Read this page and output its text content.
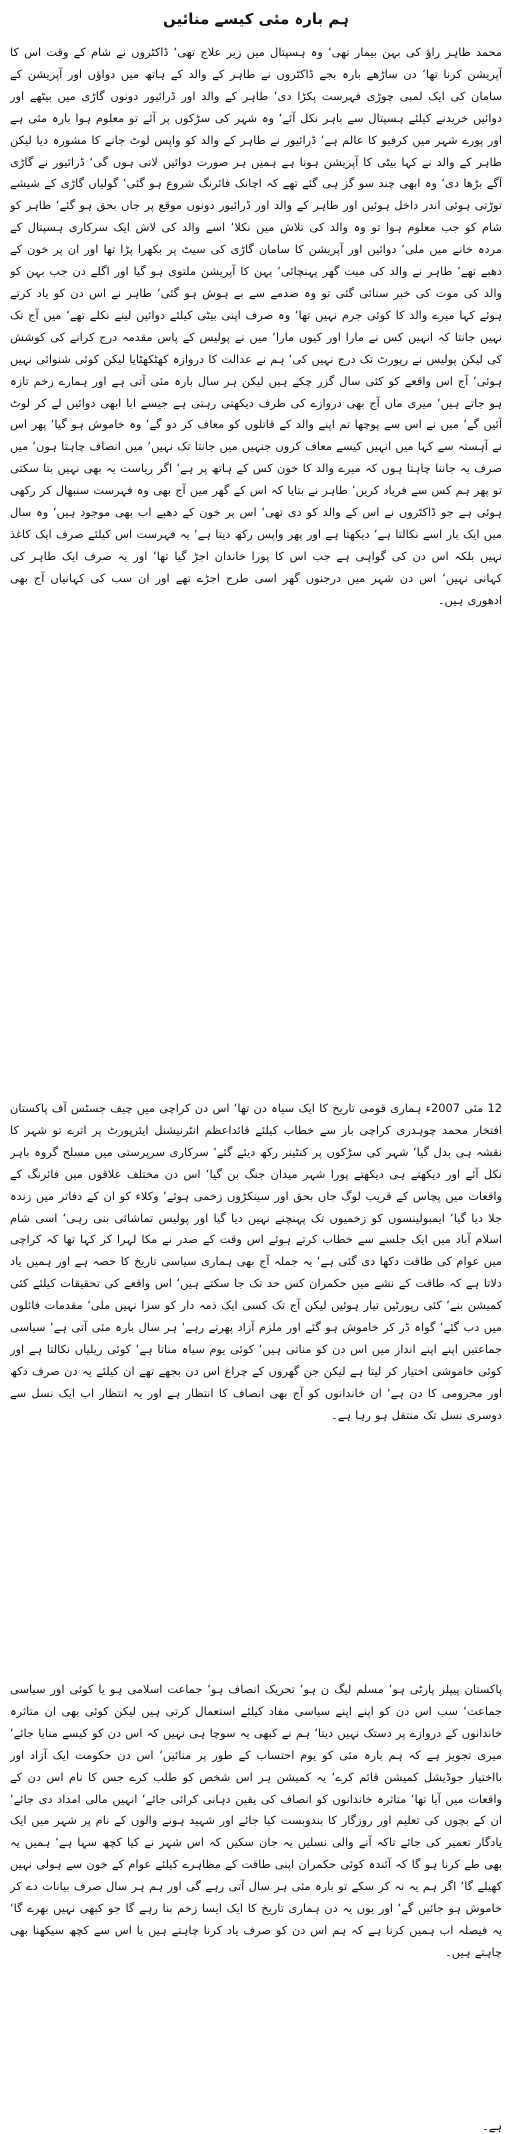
ہم بارہ مئی کیسے منائیں

محمد طاہر راؤ کی بہن بیمار تھی‘ وہ ہسپتال میں زیر علاج تھی‘ ڈاکٹروں نے شام کے وقت اس کا آپریشن کرنا تھا‘ دن ساڑھے بارہ بجے ڈاکٹروں نے طاہر کے والد کے ہاتھ میں دواؤں اور آپریشن کے سامان کی ایک لمبی چوڑی فہرست پکڑا دی‘ طاہر کے والد اور ڈرائیور دونوں گاڑی میں بیٹھے اور دوائیں خریدنے کیلئے ہسپتال سے باہر نکل آئے‘ وہ شہر کی سڑکوں پر آئے تو معلوم ہوا بارہ مئی ہے اور پورے شہر میں کرفیو کا عالم ہے‘ ڈرائیور نے طاہر کے والد کو واپس لوٹ جانے کا مشورہ دیا لیکن طاہر کے والد نے کہا بیٹی کا آپریشن ہونا ہے ہمیں ہر صورت دوائیں لانی ہوں گی‘ ڈرائیور نے گاڑی آگے بڑھا دی‘ وہ ابھی چند سو گز ہی گئے تھے کہ اچانک فائرنگ شروع ہو گئی‘ گولیاں گاڑی کے شیشے توڑتی ہوئی اندر داخل ہوئیں اور طاہر کے والد اور ڈرائیور دونوں موقع پر جاں بحق ہو گئے‘ طاہر کو شام کو جب معلوم ہوا تو وہ والد کی تلاش میں نکلا‘ اسے والد کی لاش ایک سرکاری ہسپتال کے مردہ خانے میں ملی‘ دوائیں اور آپریشن کا سامان گاڑی کی سیٹ پر بکھرا پڑا تھا اور ان پر خون کے دھبے تھے‘ طاہر نے والد کی میت گھر پہنچائی‘ بہن کا آپریشن ملتوی ہو گیا اور اگلے دن جب بہن کو والد کی موت کی خبر سنائی گئی تو وہ صدمے سے بے ہوش ہو گئی‘ طاہر نے اس دن کو یاد کرتے ہوئے کہا میرے والد کا کوئی جرم نہیں تھا‘ وہ صرف اپنی بیٹی کیلئے دوائیں لینے نکلے تھے‘ میں آج تک نہیں جانتا کہ انہیں کس نے مارا اور کیوں مارا‘ میں نے پولیس کے پاس مقدمہ درج کرانے کی کوشش کی لیکن پولیس نے رپورٹ تک درج نہیں کی‘ ہم نے عدالت کا دروازہ کھٹکھٹایا لیکن کوئی شنوائی نہیں ہوئی‘ آج اس واقعے کو کئی سال گزر چکے ہیں لیکن ہر سال بارہ مئی آتی ہے اور ہمارے زخم تازہ ہو جاتے ہیں‘ میری ماں آج بھی دروازے کی طرف دیکھتی رہتی ہے جیسے ابا ابھی دوائیں لے کر لوٹ آئیں گے‘ میں نے اس سے پوچھا تم اپنے والد کے قاتلوں کو معاف کر دو گے‘ وہ خاموش ہو گیا‘ پھر اس نے آہستہ سے کہا میں انہیں کیسے معاف کروں جنہیں میں جانتا تک نہیں‘ میں انصاف چاہتا ہوں‘ میں صرف یہ جاننا چاہتا ہوں کہ میرے والد کا خون کس کے ہاتھ پر ہے‘ اگر ریاست یہ بھی نہیں بتا سکتی تو پھر ہم کس سے فریاد کریں‘ طاہر نے بتایا کہ اس کے گھر میں آج بھی وہ فہرست سنبھال کر رکھی ہوئی ہے جو ڈاکٹروں نے اس کے والد کو دی تھی‘ اس پر خون کے دھبے اب بھی موجود ہیں‘ وہ سال میں ایک بار اسے نکالتا ہے‘ دیکھتا ہے اور پھر واپس رکھ دیتا ہے‘ یہ فہرست اس کیلئے صرف ایک کاغذ نہیں بلکہ اس دن کی گواہی ہے جب اس کا پورا خاندان اجڑ گیا تھا‘ اور یہ صرف ایک طاہر کی کہانی نہیں‘ اس دن شہر میں درجنوں گھر اسی طرح اجڑے تھے اور ان سب کی کہانیاں آج بھی ادھوری ہیں۔

12 مئی 2007ء ہماری قومی تاریخ کا ایک سیاہ دن تھا‘ اس دن کراچی میں چیف جسٹس آف پاکستان افتخار محمد چوہدری کراچی بار سے خطاب کیلئے قائداعظم انٹرنیشنل ایئرپورٹ پر اترے تو شہر کا نقشہ ہی بدل گیا‘ شہر کی سڑکوں پر کنٹینر رکھ دیئے گئے‘ سرکاری سرپرستی میں مسلح گروہ باہر نکل آئے اور دیکھتے ہی دیکھتے پورا شہر میدان جنگ بن گیا‘ اس دن مختلف علاقوں میں فائرنگ کے واقعات میں پچاس کے قریب لوگ جاں بحق اور سینکڑوں زخمی ہوئے‘ وکلاء کو ان کے دفاتر میں زندہ جلا دیا گیا‘ ایمبولینسوں کو زخمیوں تک پہنچنے نہیں دیا گیا اور پولیس تماشائی بنی رہی‘ اسی شام اسلام آباد میں ایک جلسے سے خطاب کرتے ہوئے اس وقت کے صدر نے مکا لہرا کر کہا تھا کہ کراچی میں عوام کی طاقت دکھا دی گئی ہے‘ یہ جملہ آج بھی ہماری سیاسی تاریخ کا حصہ ہے اور ہمیں یاد دلاتا ہے کہ طاقت کے نشے میں حکمران کس حد تک جا سکتے ہیں‘ اس واقعے کی تحقیقات کیلئے کئی کمیشن بنے‘ کئی رپورٹیں تیار ہوئیں لیکن آج تک کسی ایک ذمہ دار کو سزا نہیں ملی‘ مقدمات فائلوں میں دب گئے‘ گواہ ڈر کر خاموش ہو گئے اور ملزم آزاد پھرتے رہے‘ ہر سال بارہ مئی آتی ہے‘ سیاسی جماعتیں اپنے اپنے انداز میں اس دن کو مناتی ہیں‘ کوئی یوم سیاہ مناتا ہے‘ کوئی ریلیاں نکالتا ہے اور کوئی خاموشی اختیار کر لیتا ہے لیکن جن گھروں کے چراغ اس دن بجھے تھے ان کیلئے یہ دن صرف دکھ اور محرومی کا دن ہے‘ ان خاندانوں کو آج بھی انصاف کا انتظار ہے اور یہ انتظار اب ایک نسل سے دوسری نسل تک منتقل ہو رہا ہے۔

پاکستان پیپلز پارٹی ہو‘ مسلم لیگ ن ہو‘ تحریک انصاف ہو‘ جماعت اسلامی ہو یا کوئی اور سیاسی جماعت‘ سب اس دن کو اپنے اپنے سیاسی مفاد کیلئے استعمال کرتی ہیں لیکن کوئی بھی ان متاثرہ خاندانوں کے دروازے پر دستک نہیں دیتا‘ ہم نے کبھی یہ سوچا ہی نہیں کہ اس دن کو کیسے منایا جائے‘ میری تجویز ہے کہ ہم بارہ مئی کو یوم احتساب کے طور پر منائیں‘ اس دن حکومت ایک آزاد اور بااختیار جوڈیشل کمیشن قائم کرے‘ یہ کمیشن ہر اس شخص کو طلب کرے جس کا نام اس دن کے واقعات میں آیا تھا‘ متاثرہ خاندانوں کو انصاف کی یقین دہانی کرائی جائے‘ انہیں مالی امداد دی جائے‘ ان کے بچوں کی تعلیم اور روزگار کا بندوبست کیا جائے اور شہید ہونے والوں کے نام پر شہر میں ایک یادگار تعمیر کی جائے تاکہ آنے والی نسلیں یہ جان سکیں کہ اس شہر نے کیا کچھ سہا ہے‘ ہمیں یہ بھی طے کرنا ہو گا کہ آئندہ کوئی حکمران اپنی طاقت کے مظاہرے کیلئے عوام کے خون سے ہولی نہیں کھیلے گا‘ اگر ہم یہ نہ کر سکے تو بارہ مئی ہر سال آتی رہے گی اور ہم ہر سال صرف بیانات دے کر خاموش ہو جائیں گے‘ اور یوں یہ دن ہماری تاریخ کا ایک ایسا زخم بنا رہے گا جو کبھی نہیں بھرے گا‘ یہ فیصلہ اب ہمیں کرنا ہے کہ ہم اس دن کو صرف یاد کرنا چاہتے ہیں یا اس سے کچھ سیکھنا بھی چاہتے ہیں۔

ہے۔
